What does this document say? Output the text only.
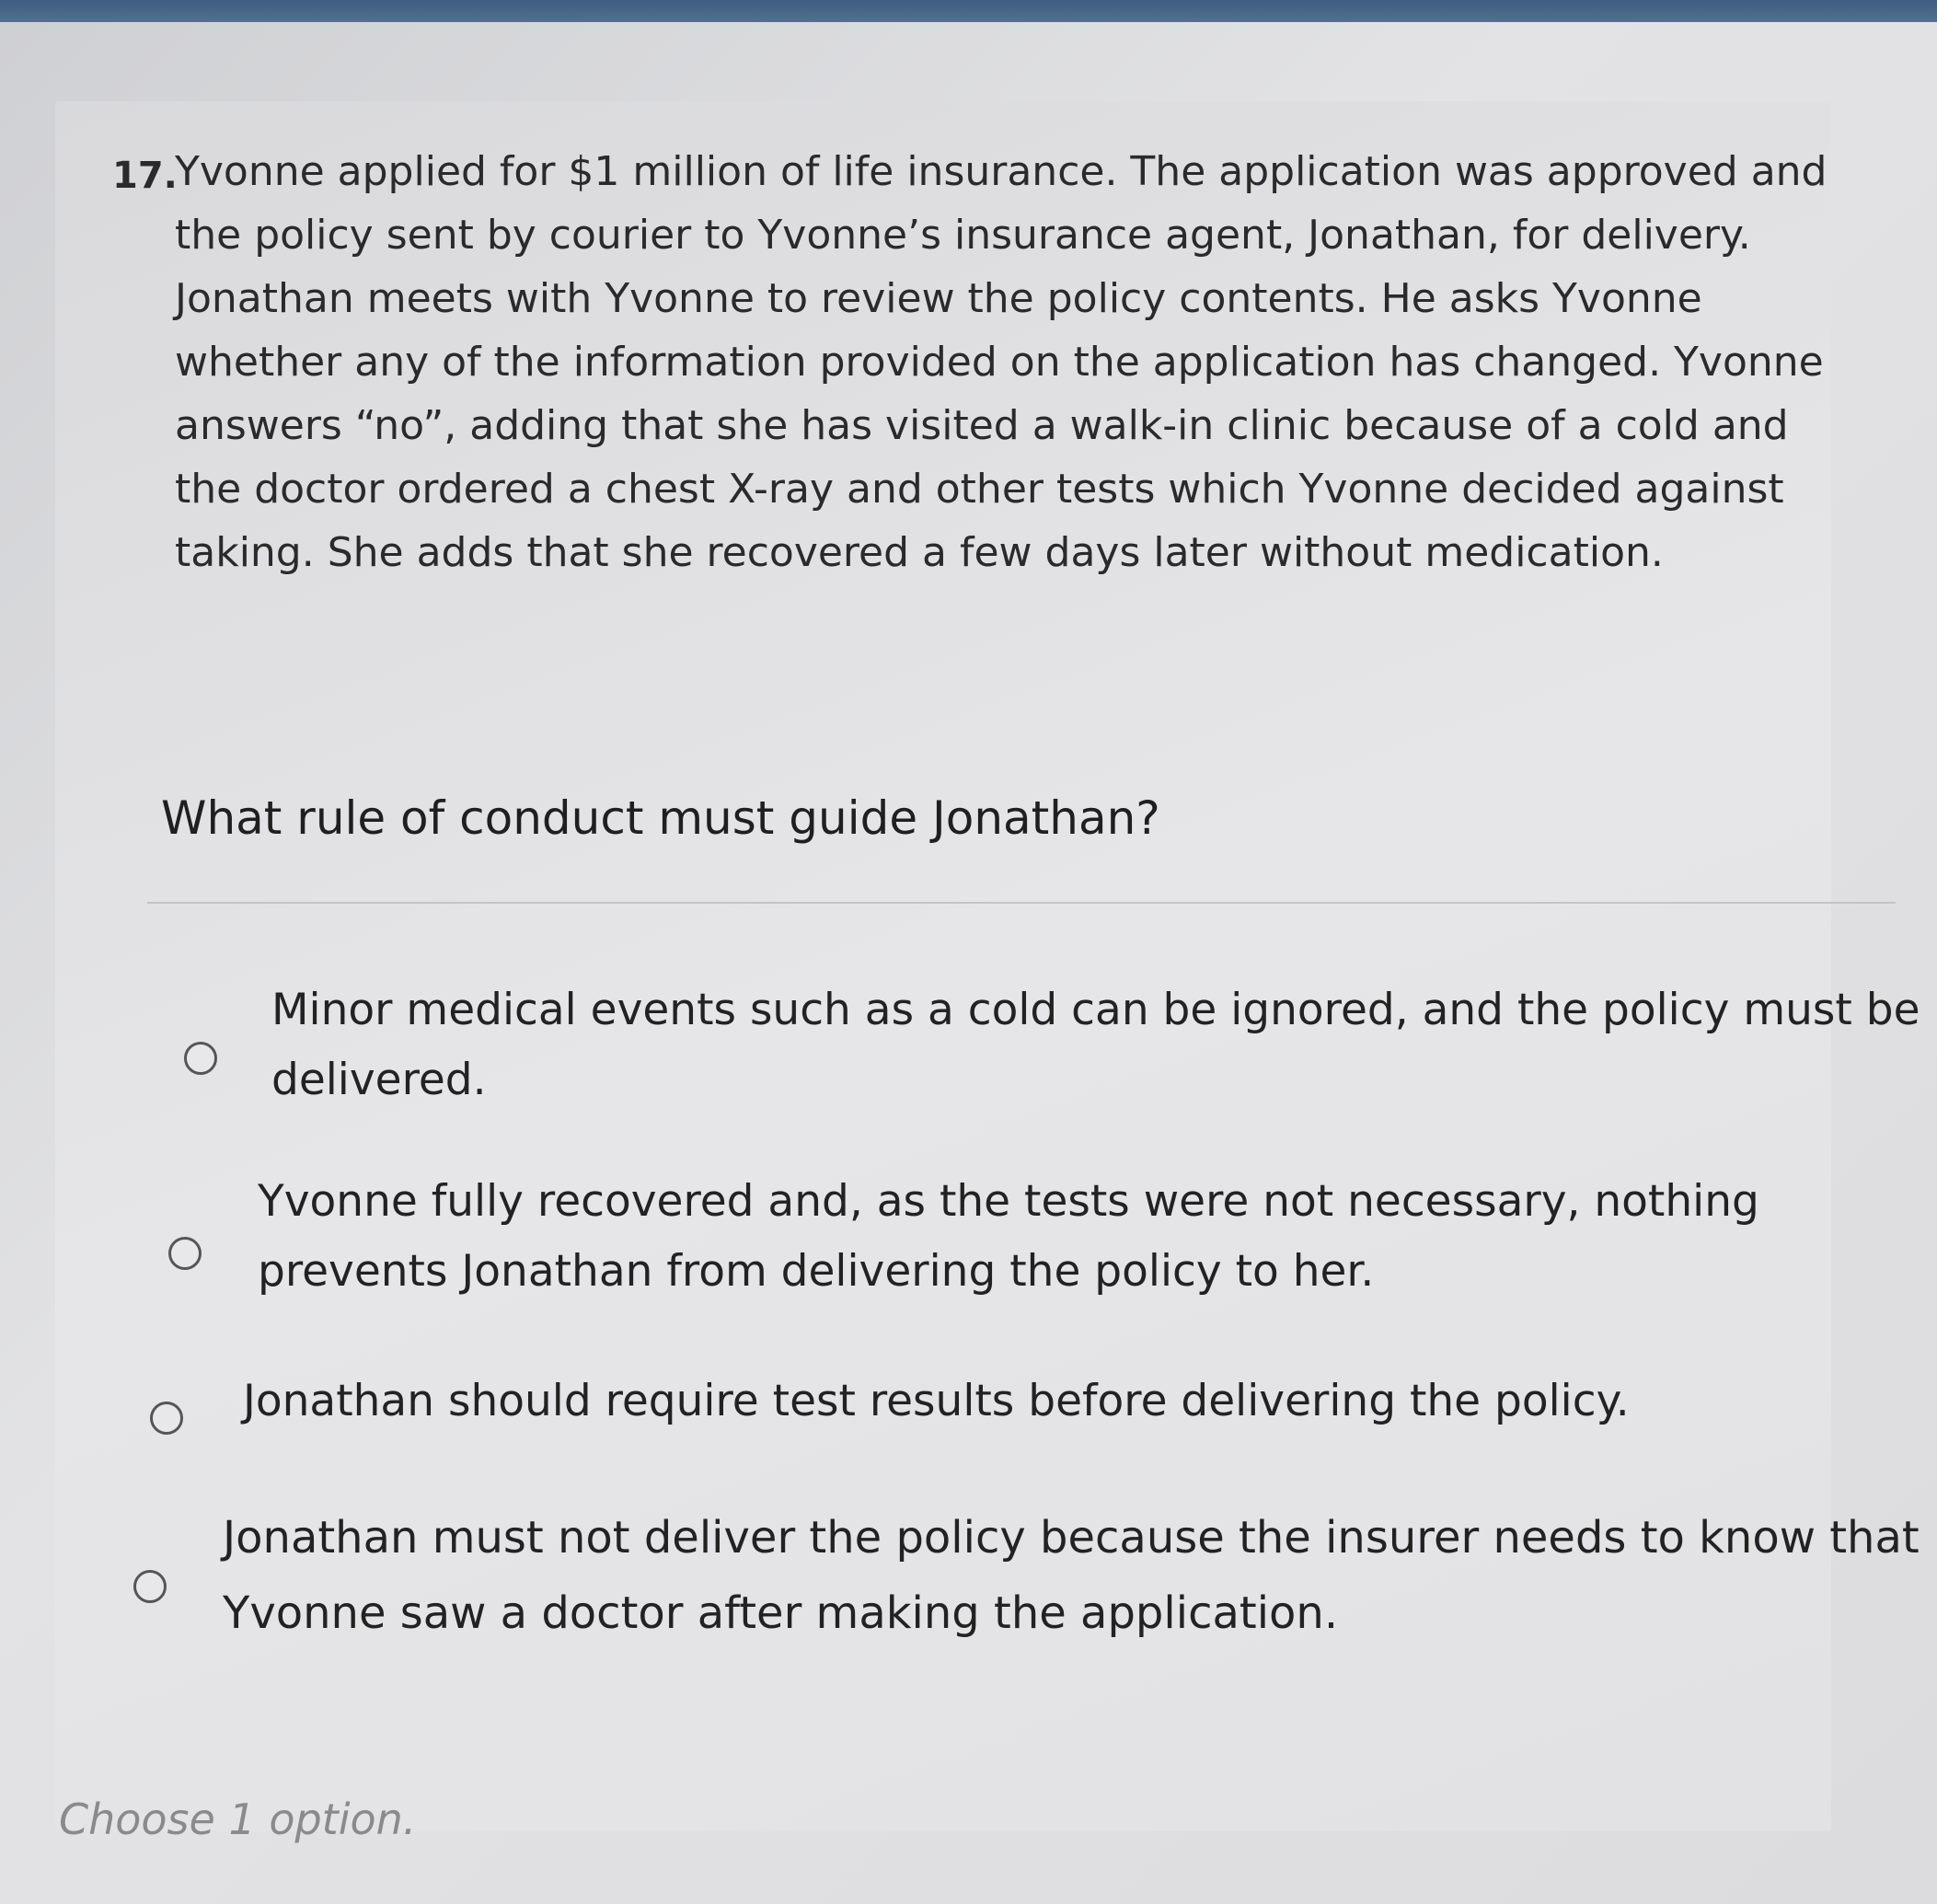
17.
Yvonne applied for $1 million of life insurance. The application was approved and the policy sent by courier to Yvonne’s insurance agent, Jonathan, for delivery. Jonathan meets with Yvonne to review the policy contents. He asks Yvonne whether any of the information provided on the application has changed. Yvonne answers “no”, adding that she has visited a walk-in clinic because of a cold and the doctor ordered a chest X-ray and other tests which Yvonne decided against taking. She adds that she recovered a few days later without medication.
What rule of conduct must guide Jonathan?
Minor medical events such as a cold can be ignored, and the policy must be delivered.
Yvonne fully recovered and, as the tests were not necessary, nothing prevents Jonathan from delivering the policy to her.
Jonathan should require test results before delivering the policy.
Jonathan must not deliver the policy because the insurer needs to know that Yvonne saw a doctor after making the application.
Choose 1 option.
